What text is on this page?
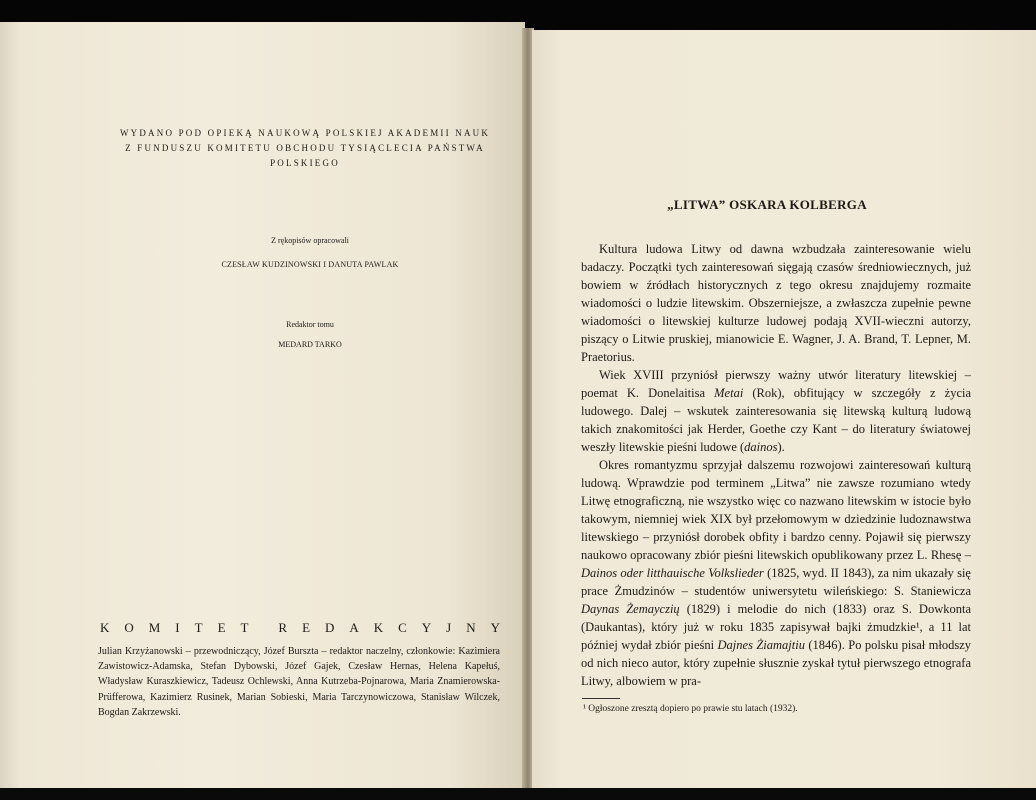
WYDANO POD OPIEKĄ NAUKOWĄ POLSKIEJ AKADEMII NAUK
Z FUNDUSZU KOMITETU OBCHODU TYSIĄCLECIA PAŃSTWA POLSKIEGO
Z rękopisów opracowali
CZESŁAW KUDZINOWSKI I DANUTA PAWLAK
Redaktor tomu
MEDARD TARKO
K O M I T E T R E D A K C Y J N Y
Julian Krzyżanowski – przewodniczący, Józef Burszta – redaktor naczelny, członkowie: Kazimiera Zawistowicz-Adamska, Stefan Dybowski, Józef Gajek, Czesław Hernas, Helena Kapełuś, Władysław Kuraszkiewicz, Tadeusz Ochlewski, Anna Kutrzeba-Pojnarowa, Maria Znamierowska-Prüfferowa, Kazimierz Rusinek, Marian Sobieski, Maria Tarczynowiczowa, Stanisław Wilczek, Bogdan Zakrzewski.
„LITWA” OSKARA KOLBERGA

Kultura ludowa Litwy od dawna wzbudzała zainteresowanie wielu badaczy. Początki tych zainteresowań sięgają czasów średniowiecznych, już bowiem w źródłach historycznych z tego okresu znajdujemy rozmaite wiadomości o ludzie litewskim. Obszerniejsze, a zwłaszcza zupełnie pewne wiadomości o litewskiej kulturze ludowej podają XVII-wieczni autorzy, piszący o Litwie pruskiej, mianowicie E. Wagner, J. A. Brand, T. Lepner, M. Praetorius.

Wiek XVIII przyniósł pierwszy ważny utwór literatury litewskiej – poemat K. Donelaitisa Metai (Rok), obfitujący w szczegóły z życia ludowego. Dalej – wskutek zainteresowania się litewską kulturą ludową takich znakomitości jak Herder, Goethe czy Kant – do literatury światowej weszły litewskie pieśni ludowe (dainos).

Okres romantyzmu sprzyjał dalszemu rozwojowi zainteresowań kulturą ludową. Wprawdzie pod terminem „Litwa” nie zawsze rozumiano wtedy Litwę etnograficzną, nie wszystko więc co nazwano litewskim w istocie było takowym, niemniej wiek XIX był przełomowym w dziedzinie ludoznawstwa litewskiego – przyniósł dorobek obfity i bardzo cenny. Pojawił się pierwszy naukowo opracowany zbiór pieśni litewskich opublikowany przez L. Rhesę – Dainos oder litthauische Volkslieder (1825, wyd. II 1843), za nim ukazały się prace Żmudzinów – studentów uniwersytetu wileńskiego: S. Staniewicza Daynas Żemayczių (1829) i melodie do nich (1833) oraz S. Dowkonta (Daukantas), który już w roku 1835 zapisywał bajki żmudzkie¹, a 11 lat później wydał zbiór pieśni Dajnes Żiamajtiu (1846). Po polsku pisał młodszy od nich nieco autor, który zupełnie słusznie zyskał tytuł pierwszego etnografa Litwy, albowiem w pra-

¹ Ogłoszone zresztą dopiero po prawie stu latach (1932).
